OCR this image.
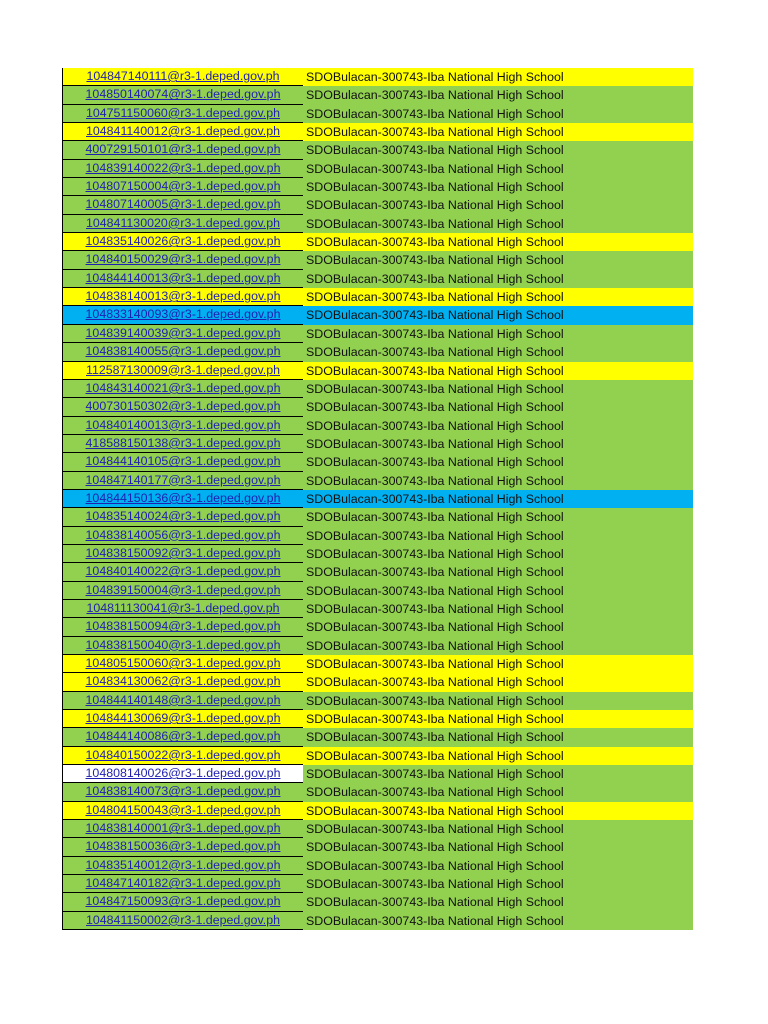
104847140111@r3-1.deped.gov.ph	SDOBulacan-300743-Iba National High School
104850140074@r3-1.deped.gov.ph	SDOBulacan-300743-Iba National High School
104751150060@r3-1.deped.gov.ph	SDOBulacan-300743-Iba National High School
104841140012@r3-1.deped.gov.ph	SDOBulacan-300743-Iba National High School
400729150101@r3-1.deped.gov.ph	SDOBulacan-300743-Iba National High School
104839140022@r3-1.deped.gov.ph	SDOBulacan-300743-Iba National High School
104807150004@r3-1.deped.gov.ph	SDOBulacan-300743-Iba National High School
104807140005@r3-1.deped.gov.ph	SDOBulacan-300743-Iba National High School
104841130020@r3-1.deped.gov.ph	SDOBulacan-300743-Iba National High School
104835140026@r3-1.deped.gov.ph	SDOBulacan-300743-Iba National High School
104840150029@r3-1.deped.gov.ph	SDOBulacan-300743-Iba National High School
104844140013@r3-1.deped.gov.ph	SDOBulacan-300743-Iba National High School
104838140013@r3-1.deped.gov.ph	SDOBulacan-300743-Iba National High School
104833140093@r3-1.deped.gov.ph	SDOBulacan-300743-Iba National High School
104839140039@r3-1.deped.gov.ph	SDOBulacan-300743-Iba National High School
104838140055@r3-1.deped.gov.ph	SDOBulacan-300743-Iba National High School
112587130009@r3-1.deped.gov.ph	SDOBulacan-300743-Iba National High School
104843140021@r3-1.deped.gov.ph	SDOBulacan-300743-Iba National High School
400730150302@r3-1.deped.gov.ph	SDOBulacan-300743-Iba National High School
104840140013@r3-1.deped.gov.ph	SDOBulacan-300743-Iba National High School
418588150138@r3-1.deped.gov.ph	SDOBulacan-300743-Iba National High School
104844140105@r3-1.deped.gov.ph	SDOBulacan-300743-Iba National High School
104847140177@r3-1.deped.gov.ph	SDOBulacan-300743-Iba National High School
104844150136@r3-1.deped.gov.ph	SDOBulacan-300743-Iba National High School
104835140024@r3-1.deped.gov.ph	SDOBulacan-300743-Iba National High School
104838140056@r3-1.deped.gov.ph	SDOBulacan-300743-Iba National High School
104838150092@r3-1.deped.gov.ph	SDOBulacan-300743-Iba National High School
104840140022@r3-1.deped.gov.ph	SDOBulacan-300743-Iba National High School
104839150004@r3-1.deped.gov.ph	SDOBulacan-300743-Iba National High School
104811130041@r3-1.deped.gov.ph	SDOBulacan-300743-Iba National High School
104838150094@r3-1.deped.gov.ph	SDOBulacan-300743-Iba National High School
104838150040@r3-1.deped.gov.ph	SDOBulacan-300743-Iba National High School
104805150060@r3-1.deped.gov.ph	SDOBulacan-300743-Iba National High School
104834130062@r3-1.deped.gov.ph	SDOBulacan-300743-Iba National High School
104844140148@r3-1.deped.gov.ph	SDOBulacan-300743-Iba National High School
104844130069@r3-1.deped.gov.ph	SDOBulacan-300743-Iba National High School
104844140086@r3-1.deped.gov.ph	SDOBulacan-300743-Iba National High School
104840150022@r3-1.deped.gov.ph	SDOBulacan-300743-Iba National High School
104808140026@r3-1.deped.gov.ph	SDOBulacan-300743-Iba National High School
104838140073@r3-1.deped.gov.ph	SDOBulacan-300743-Iba National High School
104804150043@r3-1.deped.gov.ph	SDOBulacan-300743-Iba National High School
104838140001@r3-1.deped.gov.ph	SDOBulacan-300743-Iba National High School
104838150036@r3-1.deped.gov.ph	SDOBulacan-300743-Iba National High School
104835140012@r3-1.deped.gov.ph	SDOBulacan-300743-Iba National High School
104847140182@r3-1.deped.gov.ph	SDOBulacan-300743-Iba National High School
104847150093@r3-1.deped.gov.ph	SDOBulacan-300743-Iba National High School
104841150002@r3-1.deped.gov.ph	SDOBulacan-300743-Iba National High School
